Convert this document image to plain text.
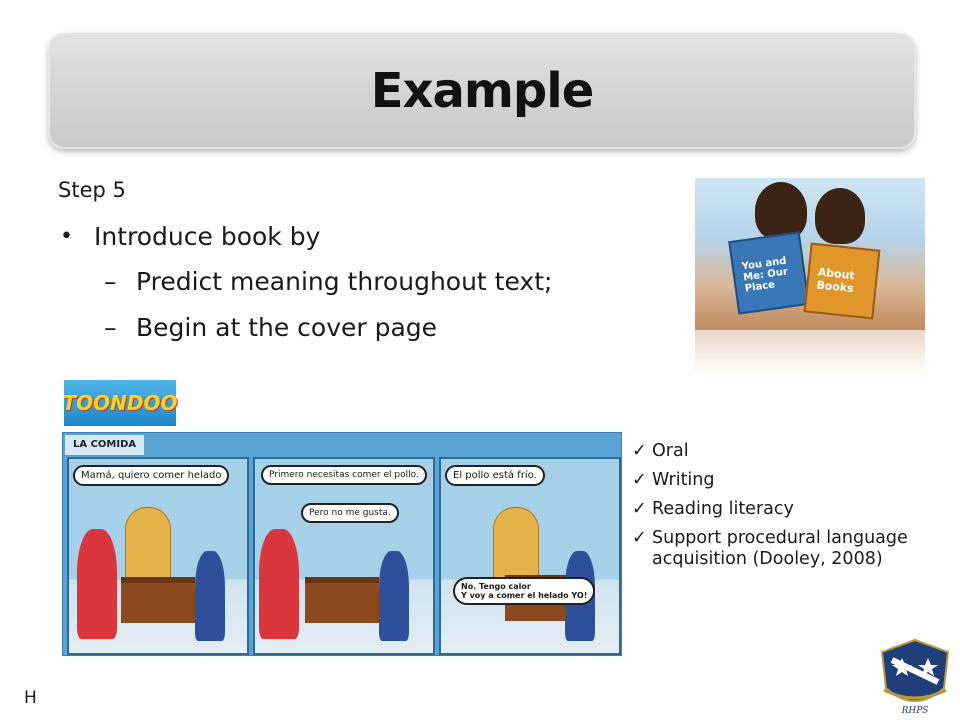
Example
Step 5
• Introduce book by
– Predict meaning throughout text;
– Begin at the cover page
You and Me: Our Place
About Books
TOONDOO
LA COMIDA
Mamá, quiero comer helado	Primero necesitas comer el pollo.
Pero no me gusta.
El pollo está frío.
No. Tengo calor
Y voy a comer el helado YO!
✓ Oral
✓ Writing
✓ Reading literacy
✓ Support procedural language
acquisition (Dooley, 2008)
H
RHPS
